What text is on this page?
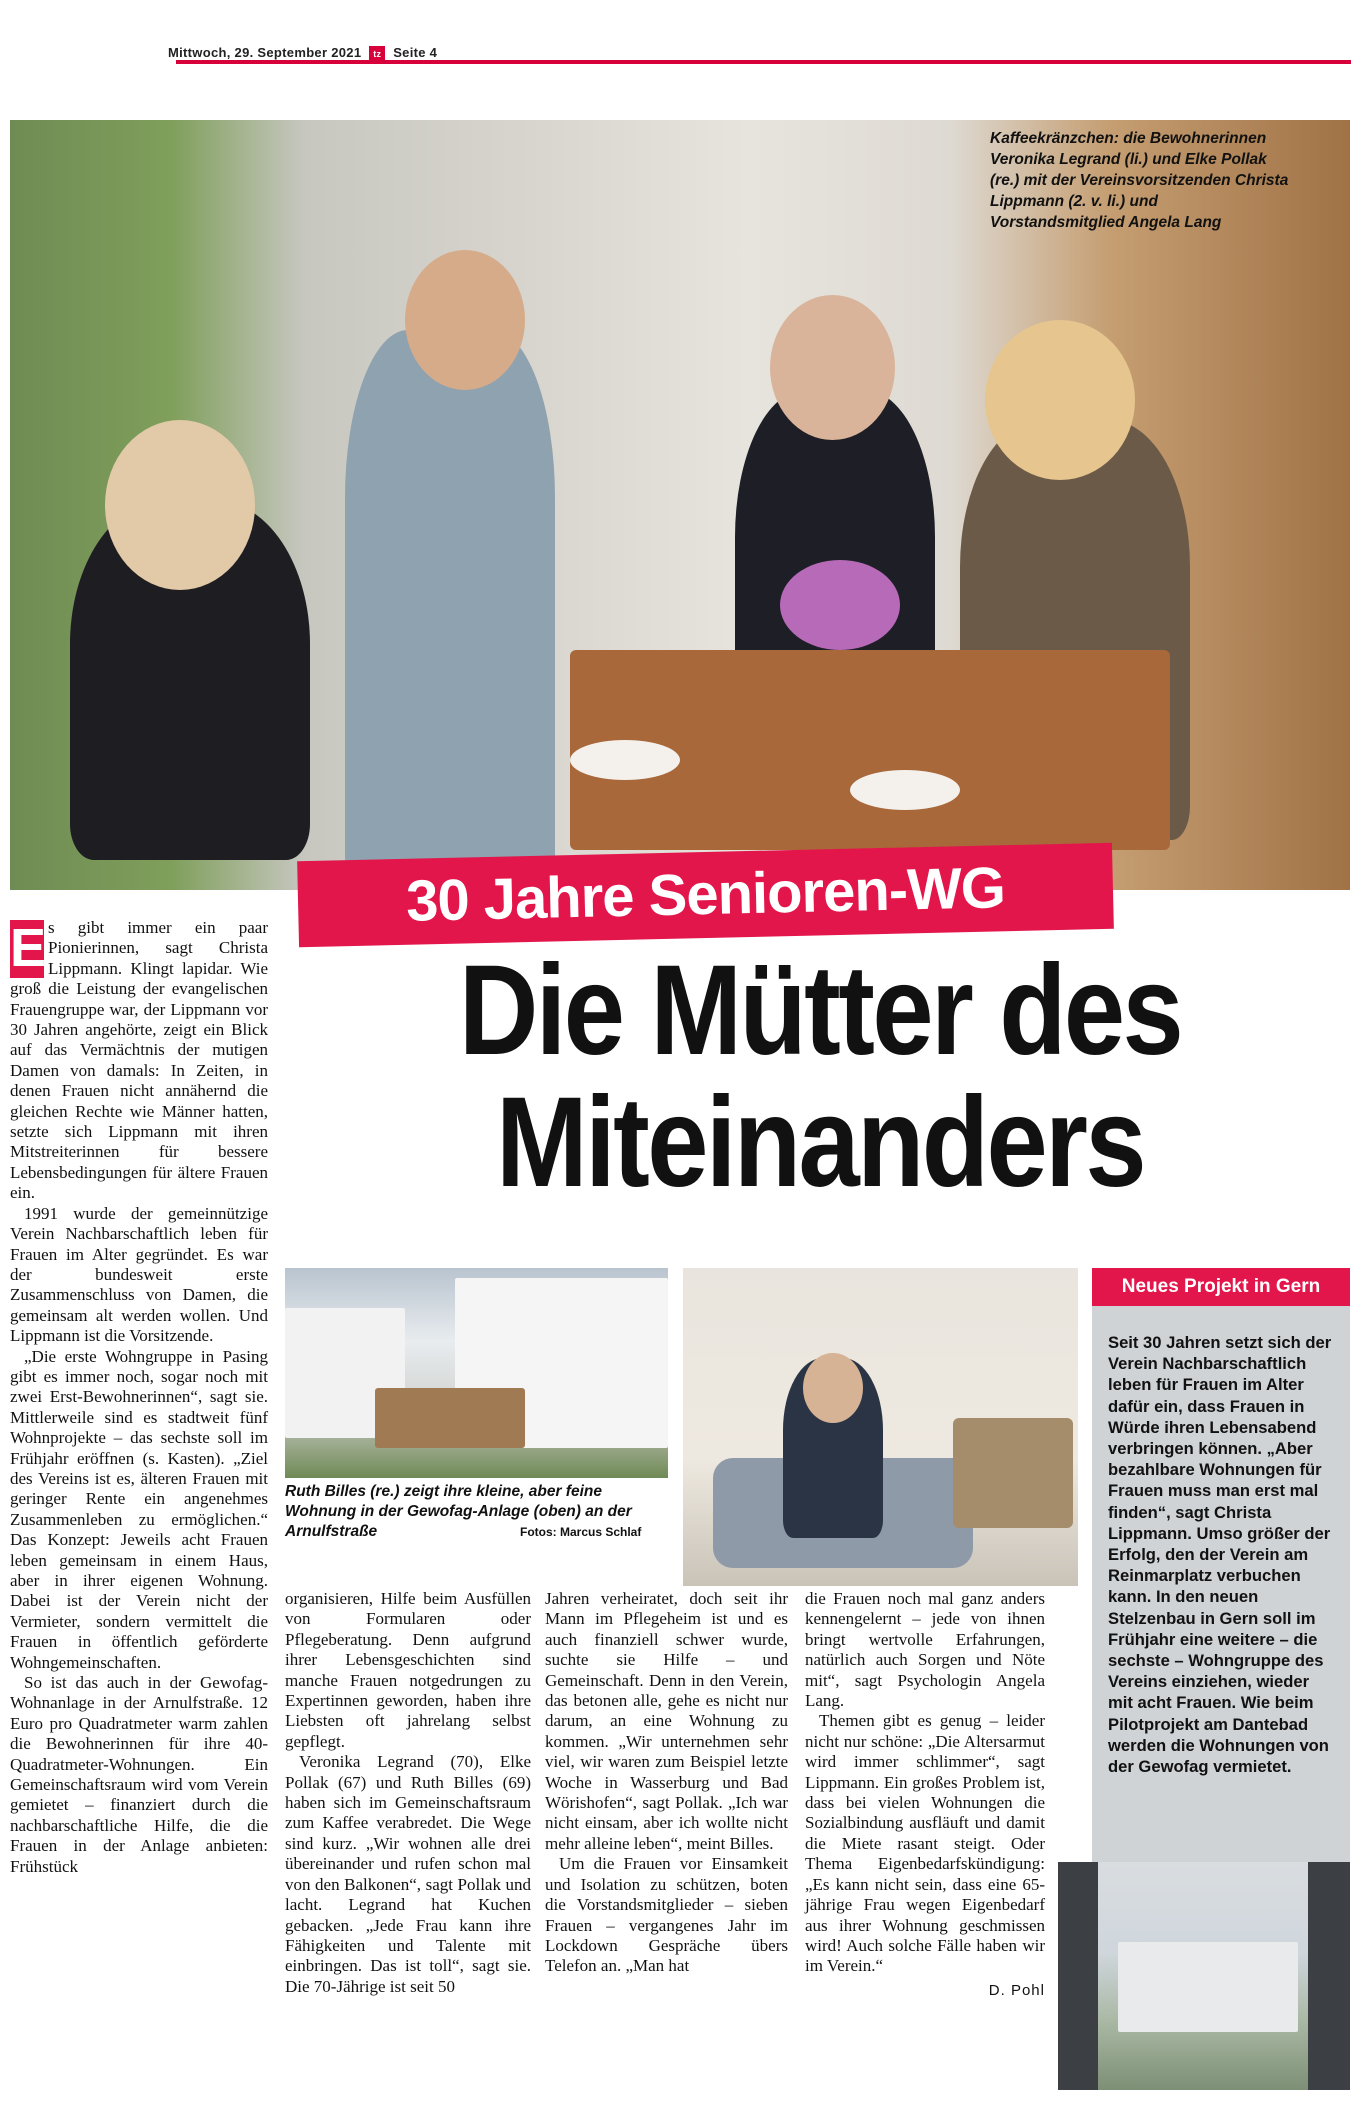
Mittwoch, 29. September 2021 tz Seite 4
Kaffeekränzchen: die Bewohnerinnen Veronika Legrand (li.) und Elke Pollak (re.) mit der Vereinsvorsitzenden Christa Lippmann (2. v. li.) und Vorstandsmitglied Angela Lang
30 Jahre Senioren-WG
Die Mütter des Miteinanders

E s gibt immer ein paar Pionierinnen, sagt Christa Lippmann. Klingt lapidar. Wie groß die Leistung der evangelischen Frauengruppe war, der Lippmann vor 30 Jahren angehörte, zeigt ein Blick auf das Vermächtnis der mutigen Damen von damals: In Zeiten, in denen Frauen nicht annähernd die gleichen Rechte wie Männer hatten, setzte sich Lippmann mit ihren Mitstreiterinnen für bessere Lebensbedingungen für ältere Frauen ein.

1991 wurde der gemeinnützige Verein Nachbarschaftlich leben für Frauen im Alter gegründet. Es war der bundesweit erste Zusammenschluss von Damen, die gemeinsam alt werden wollen. Und Lippmann ist die Vorsitzende.

„Die erste Wohngruppe in Pasing gibt es immer noch, sogar noch mit zwei Erst-Bewohnerinnen“, sagt sie. Mittlerweile sind es stadtweit fünf Wohnprojekte – das sechste soll im Frühjahr eröffnen (s. Kasten). „Ziel des Vereins ist es, älteren Frauen mit geringer Rente ein angenehmes Zusammenleben zu ermöglichen.“ Das Konzept: Jeweils acht Frauen leben gemeinsam in einem Haus, aber in ihrer eigenen Wohnung. Dabei ist der Verein nicht der Vermieter, sondern vermittelt die Frauen in öffentlich geförderte Wohngemeinschaften.

So ist das auch in der Gewofag-Wohnanlage in der Arnulfstraße. 12 Euro pro Quadratmeter warm zahlen die Bewohnerinnen für ihre 40-Quadratmeter-Wohnungen. Ein Gemeinschaftsraum wird vom Verein gemietet – finanziert durch die nachbarschaftliche Hilfe, die die Frauen in der Anlage anbieten: Frühstück

Ruth Billes (re.) zeigt ihre kleine, aber feine Wohnung in der Gewofag-Anlage (oben) an der Arnulfstraße	Fotos: Marcus Schlaf

organisieren, Hilfe beim Ausfüllen von Formularen oder Pflegeberatung. Denn aufgrund ihrer Lebensgeschichten sind manche Frauen notgedrungen zu Expertinnen geworden, haben ihre Liebsten oft jahrelang selbst gepflegt.

Veronika Legrand (70), Elke Pollak (67) und Ruth Billes (69) haben sich im Gemeinschaftsraum zum Kaffee verabredet. Die Wege sind kurz. „Wir wohnen alle drei übereinander und rufen schon mal von den Balkonen“, sagt Pollak und lacht. Legrand hat Kuchen gebacken. „Jede Frau kann ihre Fähigkeiten und Talente mit einbringen. Das ist toll“, sagt sie. Die 70-Jährige ist seit 50

Jahren verheiratet, doch seit ihr Mann im Pflegeheim ist und es auch finanziell schwer wurde, suchte sie Hilfe – und Gemeinschaft. Denn in den Verein, das betonen alle, gehe es nicht nur darum, an eine Wohnung zu kommen. „Wir unternehmen sehr viel, wir waren zum Beispiel letzte Woche in Wasserburg und Bad Wörishofen“, sagt Pollak. „Ich war nicht einsam, aber ich wollte nicht mehr alleine leben“, meint Billes.

Um die Frauen vor Einsamkeit und Isolation zu schützen, boten die Vorstandsmitglieder – sieben Frauen – vergangenes Jahr im Lockdown Gespräche übers Telefon an. „Man hat

die Frauen noch mal ganz anders kennengelernt – jede von ihnen bringt wertvolle Erfahrungen, natürlich auch Sorgen und Nöte mit“, sagt Psychologin Angela Lang.

Themen gibt es genug – leider nicht nur schöne: „Die Altersarmut wird immer schlimmer“, sagt Lippmann. Ein großes Problem ist, dass bei vielen Wohnungen die Sozialbindung ausfläuft und damit die Miete rasant steigt. Oder Thema Eigenbedarfskündigung: „Es kann nicht sein, dass eine 65-jährige Frau wegen Eigenbedarf aus ihrer Wohnung geschmissen wird! Auch solche Fälle haben wir im Verein.“

D. Pohl
Neues Projekt in Gern
Seit 30 Jahren setzt sich der Verein Nachbarschaftlich leben für Frauen im Alter dafür ein, dass Frauen in Würde ihren Lebensabend verbringen können. „Aber bezahlbare Wohnungen für Frauen muss man erst mal finden“, sagt Christa Lippmann. Umso größer der Erfolg, den der Verein am Reinmarplatz verbuchen kann. In den neuen Stelzenbau in Gern soll im Frühjahr eine weitere – die sechste – Wohngruppe des Vereins einziehen, wieder mit acht Frauen. Wie beim Pilotprojekt am Dantebad werden die Wohnungen von der Gewofag vermietet.
